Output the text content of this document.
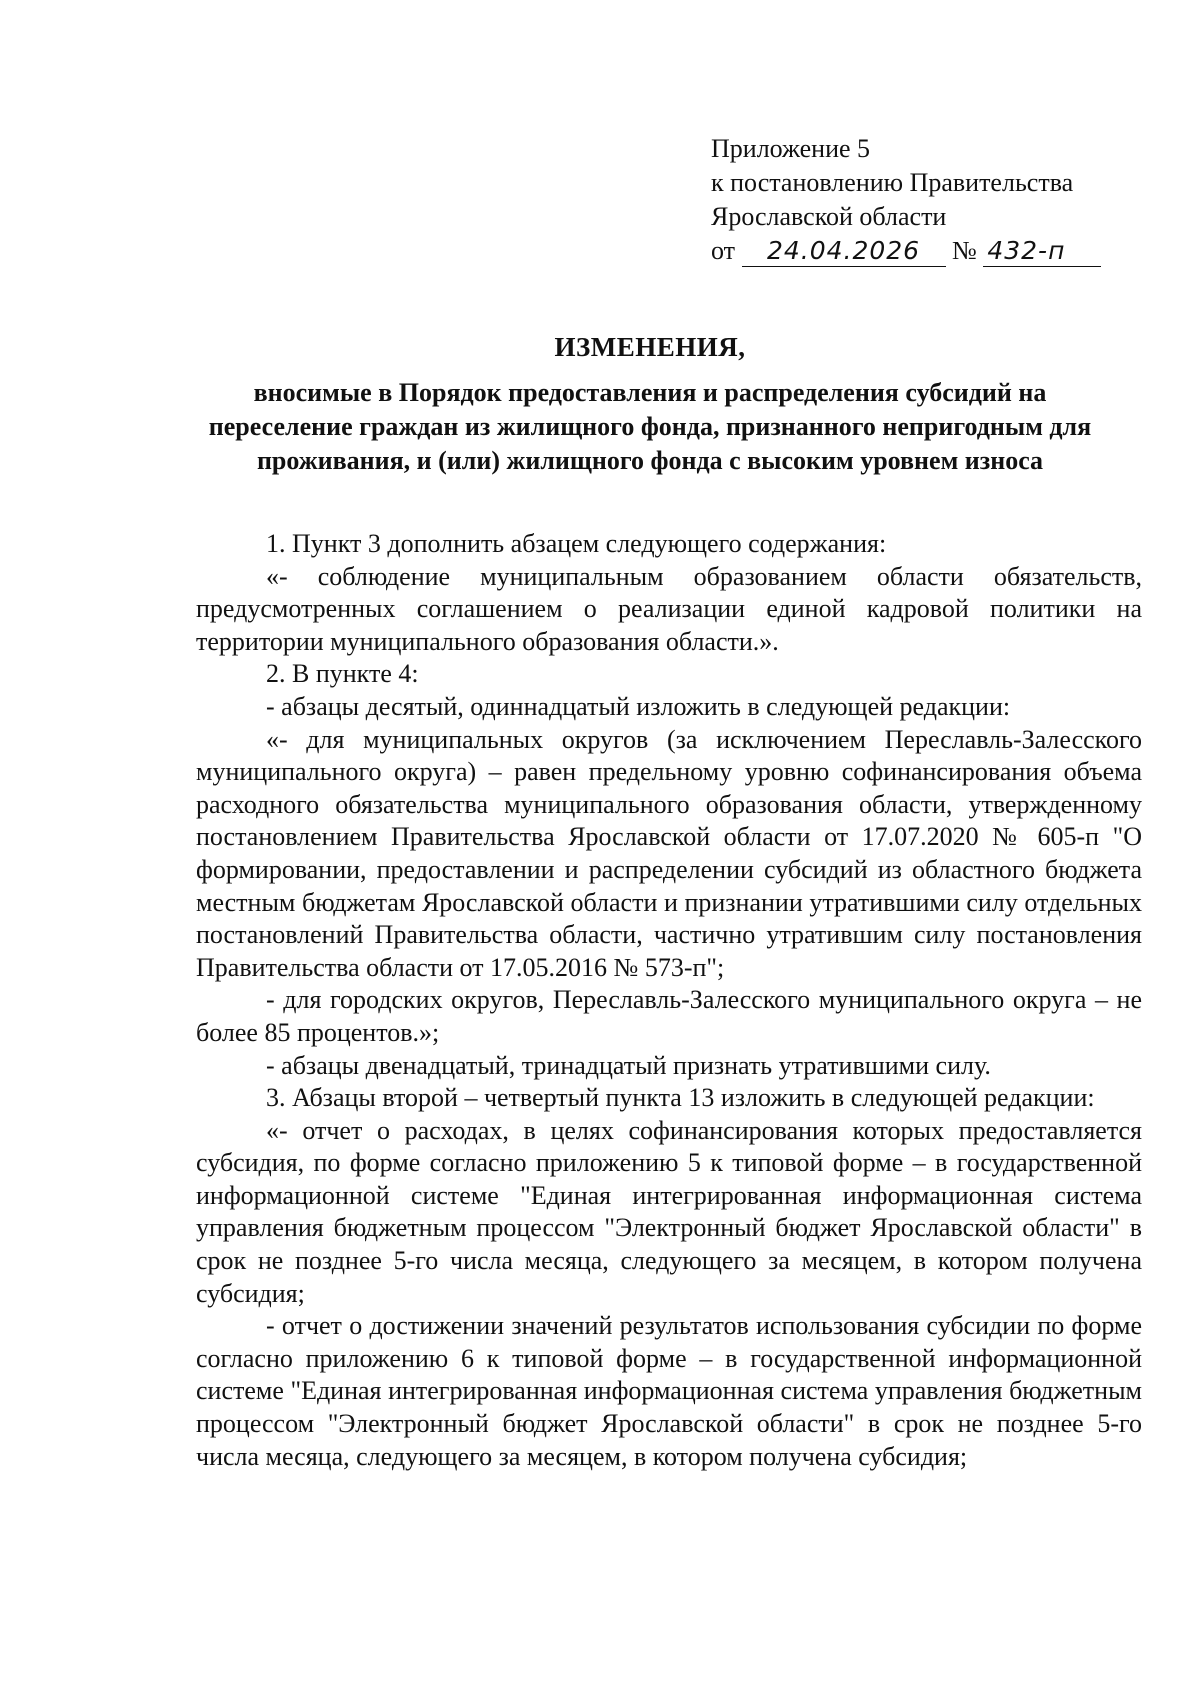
Приложение 5
к постановлению Правительства
Ярославской области
от 24.04.2026 № 432-п
ИЗМЕНЕНИЯ,
вносимые в Порядок предоставления и распределения субсидий на переселение граждан из жилищного фонда, признанного непригодным для проживания, и (или) жилищного фонда с высоким уровнем износа

1. Пункт 3 дополнить абзацем следующего содержания:

«- соблюдение муниципальным образованием области обязательств, предусмотренных соглашением о реализации единой кадровой политики на территории муниципального образования области.».

2. В пункте 4:

- абзацы десятый, одиннадцатый изложить в следующей редакции:

«- для муниципальных округов (за исключением Переславль-Залесского муниципального округа) – равен предельному уровню софинансирования объема расходного обязательства муниципального образования области, утвержденному постановлением Правительства Ярославской области от 17.07.2020 № 605-п "О формировании, предоставлении и распределении субсидий из областного бюджета местным бюджетам Ярославской области и признании утратившими силу отдельных постановлений Правительства области, частично утратившим силу постановления Правительства области от 17.05.2016 № 573-п";

- для городских округов, Переславль-Залесского муниципального округа – не более 85 процентов.»;

- абзацы двенадцатый, тринадцатый признать утратившими силу.

3. Абзацы второй – четвертый пункта 13 изложить в следующей редакции:

«- отчет о расходах, в целях софинансирования которых предоставляется субсидия, по форме согласно приложению 5 к типовой форме – в государственной информационной системе "Единая интегрированная информационная система управления бюджетным процессом "Электронный бюджет Ярославской области" в срок не позднее 5-го числа месяца, следующего за месяцем, в котором получена субсидия;

- отчет о достижении значений результатов использования субсидии по форме согласно приложению 6 к типовой форме – в государственной информационной системе "Единая интегрированная информационная система управления бюджетным процессом "Электронный бюджет Ярославской области" в срок не позднее 5-го числа месяца, следующего за месяцем, в котором получена субсидия;
